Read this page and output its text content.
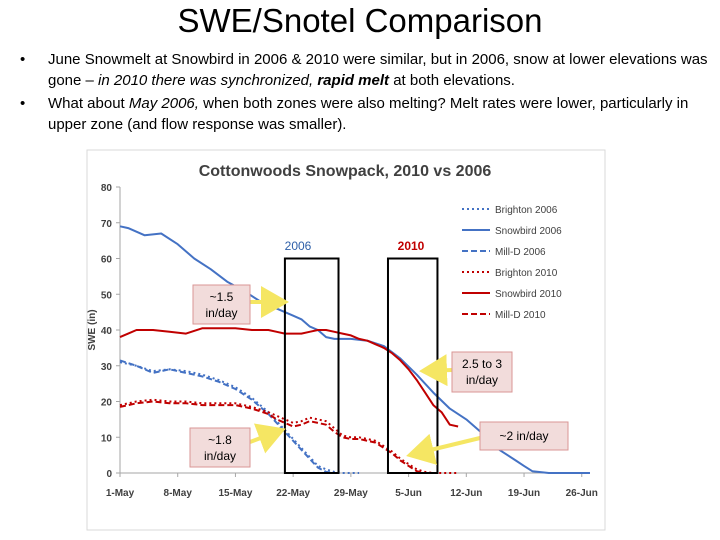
SWE/Snotel Comparison
• June Snowmelt at Snowbird in 2006 & 2010 were similar, but in 2006, snow at lower elevations was gone – in 2010 there was synchronized, rapid melt at both elevations.
• What about May 2006, when both zones were also melting? Melt rates were lower, particularly in upper zone (and flow response was smaller).
Cottonwoods Snowpack, 2010 vs 2006
SWE (in)
0
10
20
30
40
50
60
70
80
1-May	8-May	15-May 22-May 29-May	5-Jun	12-Jun	19-Jun	26-Jun
2006	2010
Brighton 2006
Snowbird 2006
Mill-D 2006
Brighton 2010
Snowbird 2010
Mill-D 2010
~1.5 in/day
~1.8 in/day
2.5 to 3 in/day
~2 in/day
